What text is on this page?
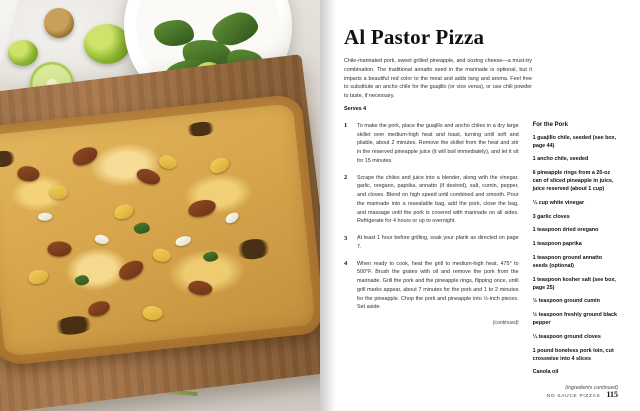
Al Pastor Pizza

Chile-marinated pork, sweet grilled pineapple, and oozing cheese—a must-try combination. The traditional annatto seed in the marinade is optional, but it imparts a beautiful red color to the meat and adds tang and aroma. Feel free to substitute an ancho chile for the guajillo (or vice versa), or use chili powder to taste, if necessary.

Serves 4

1	To make the pork, place the guajillo and ancho chiles in a dry large skillet over medium-high heat and toast, turning until soft and pliable, about 2 minutes. Remove the skillet from the heat and stir in the reserved pineapple juice (it will boil immediately), and let it sit for 15 minutes.
2	Scrape the chiles and juice into a blender, along with the vinegar, garlic, oregano, paprika, annatto (if desired), salt, cumin, pepper, and cloves. Blend on high speed until combined and smooth. Pour the marinade into a resealable bag, add the pork, close the bag, and massage until the pork is covered with marinade on all sides. Refrigerate for 4 hours or up to overnight.
3	At least 1 hour before grilling, soak your plank as directed on page 7.
4	When ready to cook, heat the grill to medium-high heat, 475° to 500°F. Brush the grates with oil and remove the pork from the marinade. Grill the pork and the pineapple rings, flipping once, until grill marks appear, about 7 minutes for the pork and 1 to 2 minutes for the pineapple. Chop the pork and pineapple into ½-inch pieces. Set aside.
(continued)
For the Pork
1 guajillo chile, seeded (see box, page 44)
1 ancho chile, seeded
6 pineapple rings from a 20-oz can of sliced pineapple in juice, juice reserved (about 1 cup)
¼ cup white vinegar
3 garlic cloves
1 teaspoon dried oregano
1 teaspoon paprika
1 teaspoon ground annatto seeds (optional)
1 teaspoon kosher salt (see box, page 25)
½ teaspoon ground cumin
½ teaspoon freshly ground black pepper
¼ teaspoon ground cloves
1 pound boneless pork loin, cut crosswise into 4 slices
Canola oil
(ingredients continued)
NO SAUCE PIZZAS 115
